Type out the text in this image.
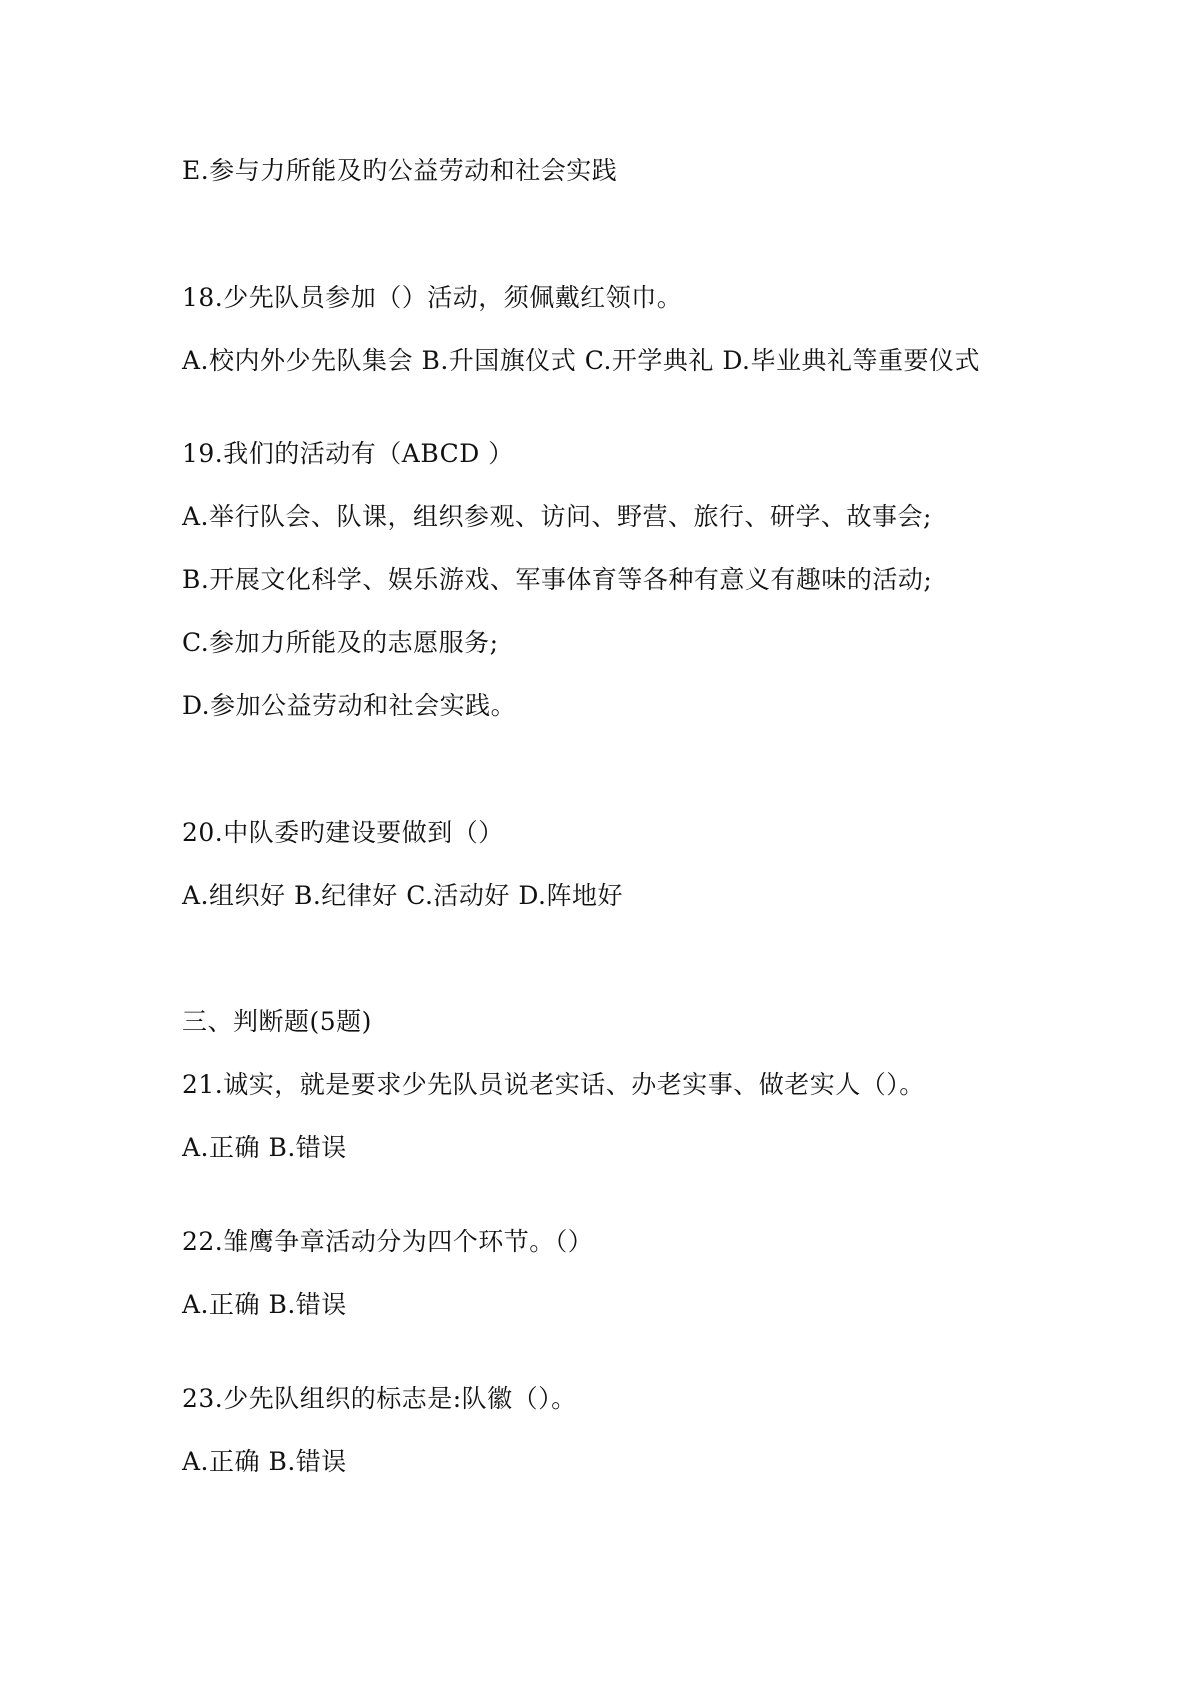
E.参与力所能及旳公益劳动和社会实践
18.少先队员参加（）活动，须佩戴红领巾。
A.校内外少先队集会 B.升国旗仪式 C.开学典礼 D.毕业典礼等重要仪式
19.我们的活动有（ABCD ）
A.举行队会、队课，组织参观、访问、野营、旅行、研学、故事会;
B.开展文化科学、娱乐游戏、军事体育等各种有意义有趣味的活动;
C.参加力所能及的志愿服务;
D.参加公益劳动和社会实践。
20.中队委旳建设要做到（）
A.组织好 B.纪律好 C.活动好 D.阵地好
三、判断题(5题)
21.诚实，就是要求少先队员说老实话、办老实事、做老实人（）。
A.正确 B.错误
22.雏鹰争章活动分为四个环节。（）
A.正确 B.错误
23.少先队组织的标志是:队徽（）。
A.正确 B.错误
